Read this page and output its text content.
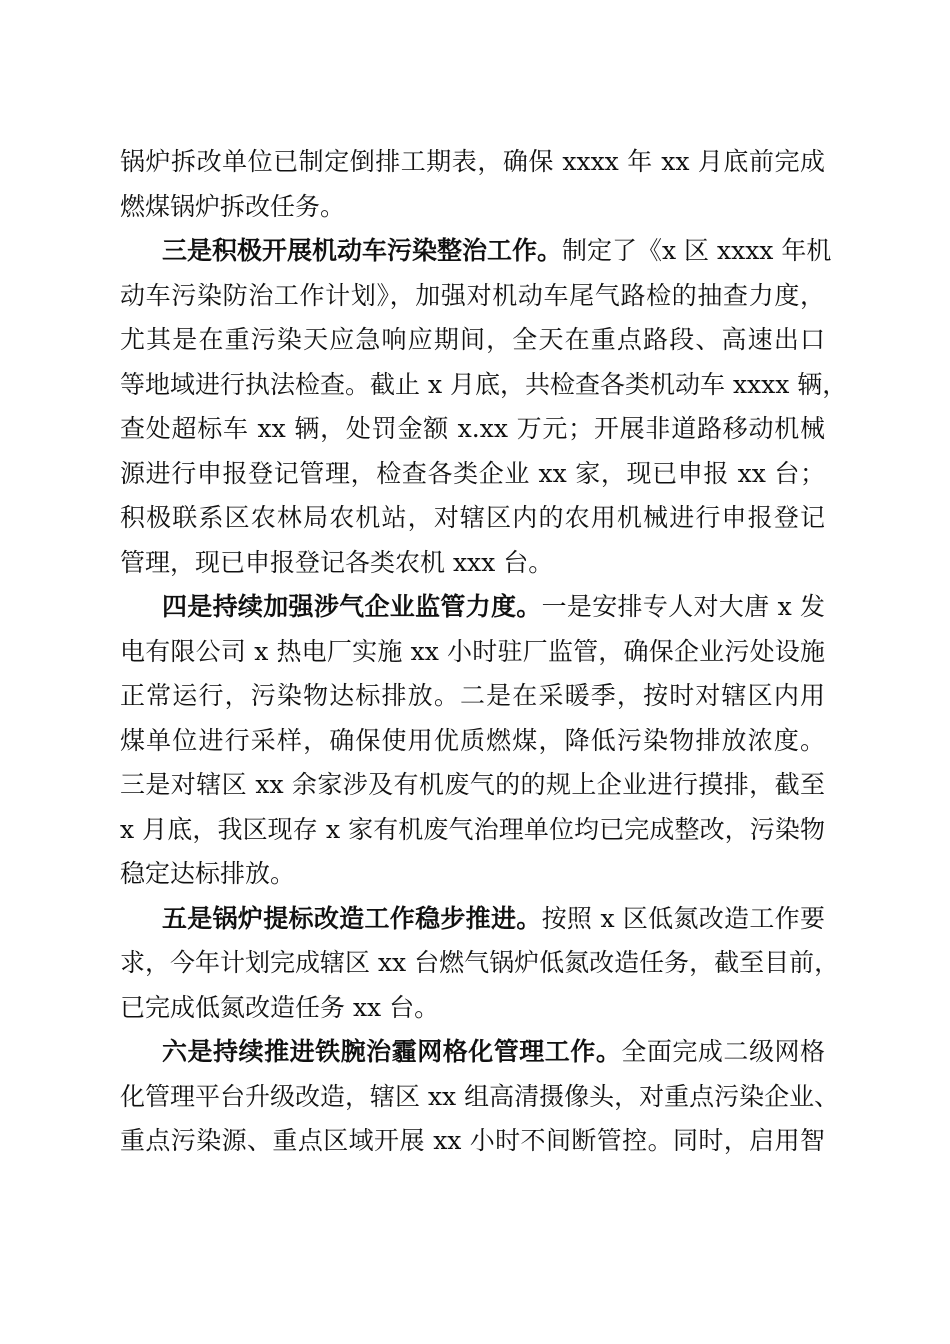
锅炉拆改单位已制定倒排工期表，确保 xxxx 年 xx 月底前完成
燃煤锅炉拆改任务。
三是积极开展机动车污染整治工作。制定了《x 区 xxxx 年机
动车污染防治工作计划》，加强对机动车尾气路检的抽查力度，
尤其是在重污染天应急响应期间，全天在重点路段、高速出口
等地域进行执法检查。截止 x 月底，共检查各类机动车 xxxx 辆，
查处超标车 xx 辆，处罚金额 x.xx 万元；开展非道路移动机械
源进行申报登记管理，检查各类企业 xx 家，现已申报 xx 台；
积极联系区农林局农机站，对辖区内的农用机械进行申报登记
管理，现已申报登记各类农机 xxx 台。
四是持续加强涉气企业监管力度。一是安排专人对大唐 x 发
电有限公司 x 热电厂实施 xx 小时驻厂监管，确保企业污处设施
正常运行，污染物达标排放。二是在采暖季，按时对辖区内用
煤单位进行采样，确保使用优质燃煤，降低污染物排放浓度。
三是对辖区 xx 余家涉及有机废气的的规上企业进行摸排，截至
x 月底，我区现存 x 家有机废气治理单位均已完成整改，污染物
稳定达标排放。
五是锅炉提标改造工作稳步推进。按照 x 区低氮改造工作要
求，今年计划完成辖区 xx 台燃气锅炉低氮改造任务，截至目前，
已完成低氮改造任务 xx 台。
六是持续推进铁腕治霾网格化管理工作。全面完成二级网格
化管理平台升级改造，辖区 xx 组高清摄像头，对重点污染企业、
重点污染源、重点区域开展 xx 小时不间断管控。同时，启用智
